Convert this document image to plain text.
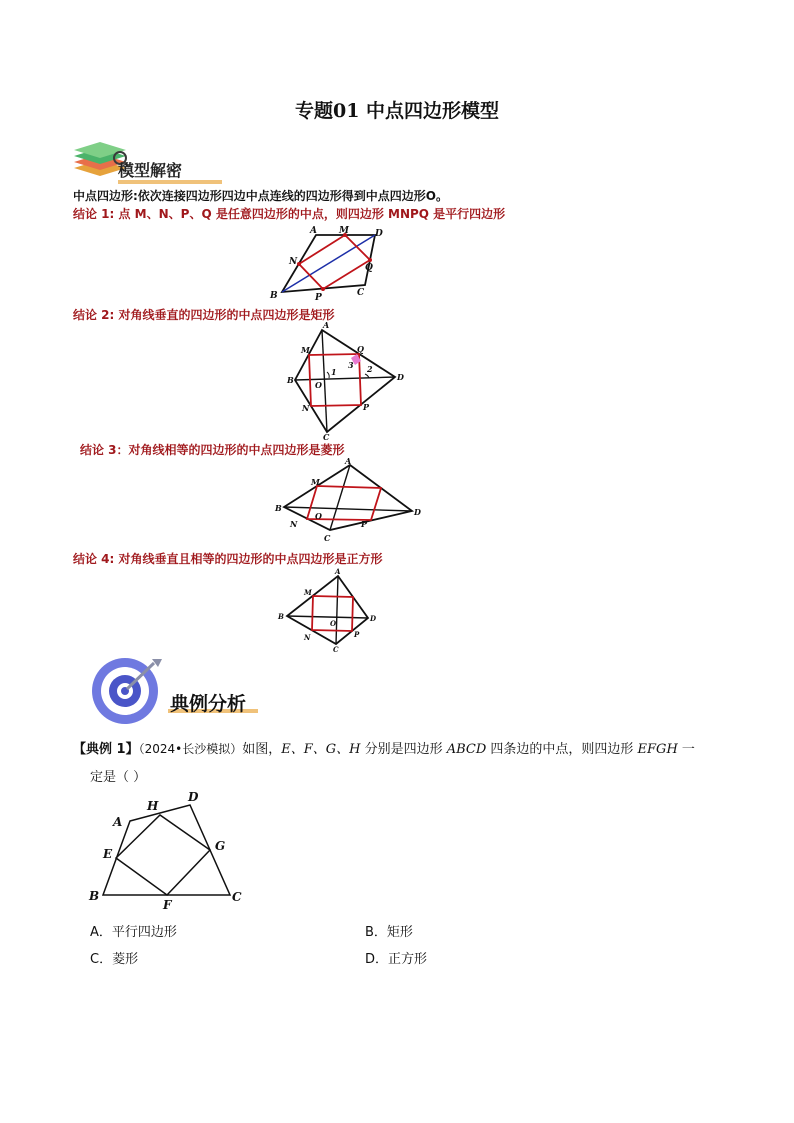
专题01 中点四边形模型
模型解密
中点四边形:依次连接四边形四边中点连线的四边形得到中点四边形O。
结论 1: 点 M、N、P、Q 是任意四边形的中点，则四边形 MNPQ 是平行四边形
A M	D
N
Q
B	P	C
结论 2: 对角线垂直的四边形的中点四边形是矩形
A
M	Q
3
1	2
B	O
D
N	P
C
结论 3：对角线相等的四边形的中点四边形是菱形
A
M
B
N
O	D
P
C
结论 4: 对角线垂直且相等的四边形的中点四边形是正方形
A
M
B
O
D
N	P
C
典例分析
【典例 1】（2024•长沙模拟）如图，E、F、G、H 分别是四边形 ABCD 四条边的中点，则四边形 EFGH 一
定是（ ）
H
D
A
E
G
B
F
C
A．平行四边形	B．矩形
C．菱形	D．正方形
